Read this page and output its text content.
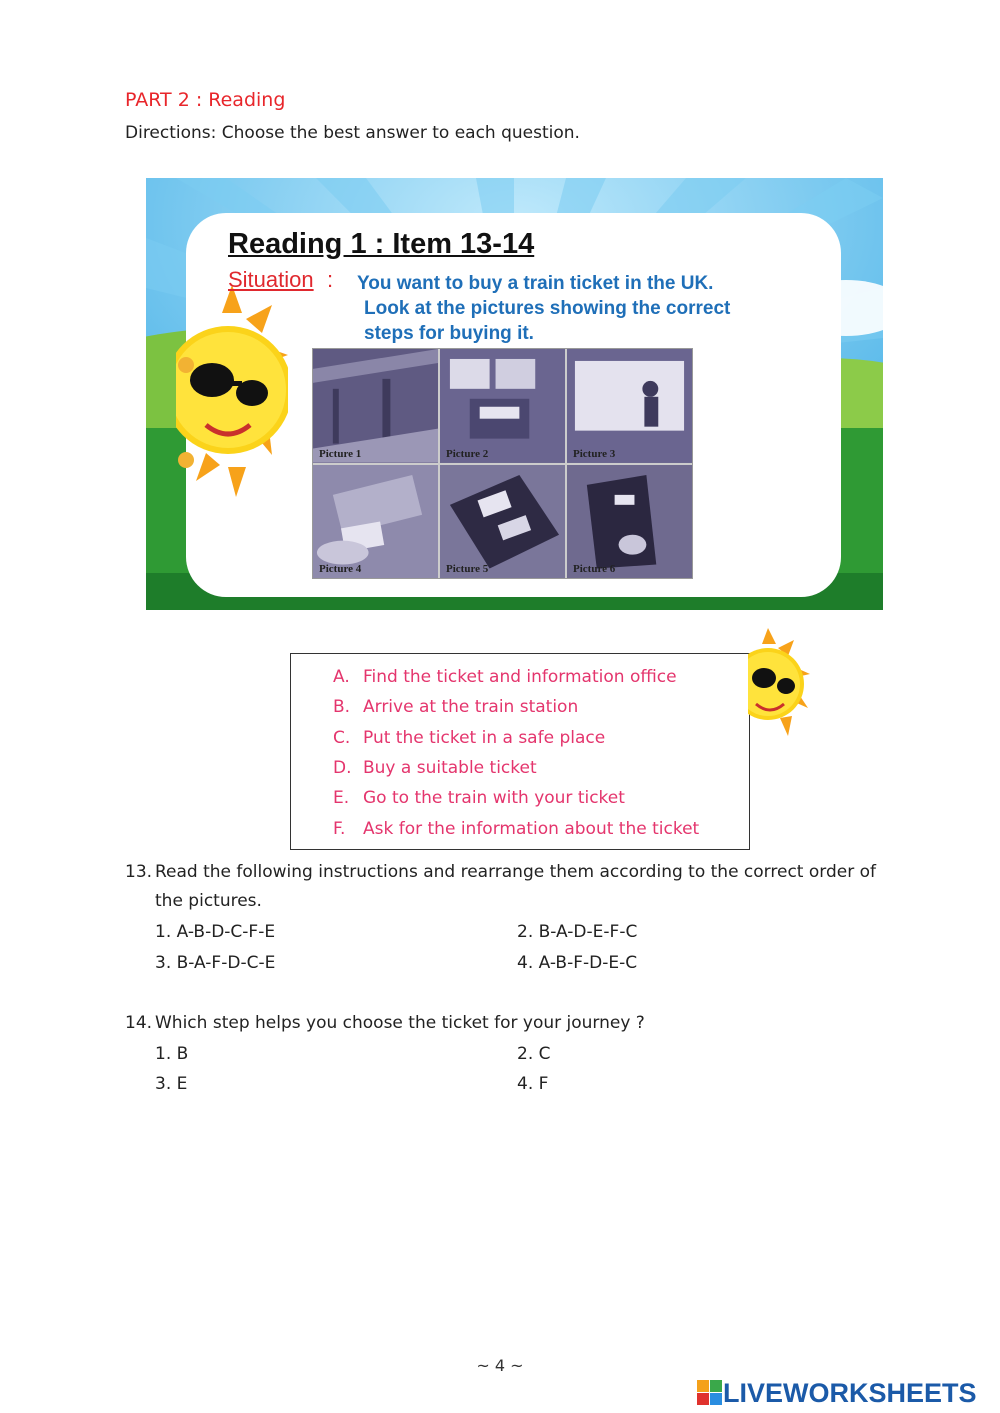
PART 2 : Reading
Directions: Choose the best answer to each question.
Reading 1 : Item 13-14
Situation : You want to buy a train ticket in the UK.
Look at the pictures showing the correct
steps for buying it.
Picture 1	Picture 2	Picture 3
Picture 4	Picture 5	Picture 6
A. Find the ticket and information office
B. Arrive at the train station
C. Put the ticket in a safe place
D. Buy a suitable ticket
E. Go to the train with your ticket
F. Ask for the information about the ticket
13. Read the following instructions and rearrange them according to the correct order of
the pictures.
1. A-B-D-C-F-E	2. B-A-D-E-F-C
3. B-A-F-D-C-E	4. A-B-F-D-E-C
14. Which step helps you choose the ticket for your journey ?
1. B	2. C
3. E	4. F
~ 4 ~
LIVEWORKSHEETS
